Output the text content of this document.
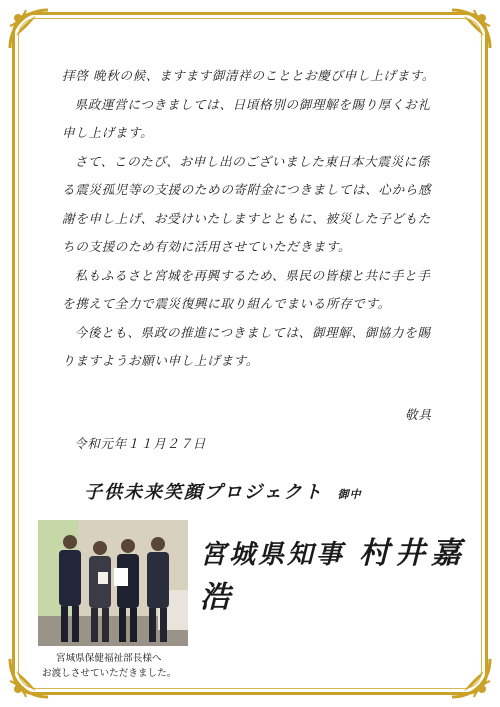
拝啓 晩秋の候、ますます御清祥のこととお慶び申し上げます。

県政運営につきましては、日頃格別の御理解を賜り厚くお礼申し上げます。

さて、このたび、お申し出のございました東日本大震災に係る震災孤児等の支援のための寄附金につきましては、心から感謝を申し上げ、お受けいたしますとともに、被災した子どもたちの支援のため有効に活用させていただきます。

私もふるさと宮城を再興するため、県民の皆様と共に手と手を携えて全力で震災復興に取り組んでまいる所存です。

今後とも、県政の推進につきましては、御理解、御協力を賜りますようお願い申し上げます。

敬具
令和元年１１月２７日
子供未来笑顔プロジェクト 御中
宮城県知事 村井嘉浩
宮城県保健福祉部長様へ
お渡しさせていただきました。
